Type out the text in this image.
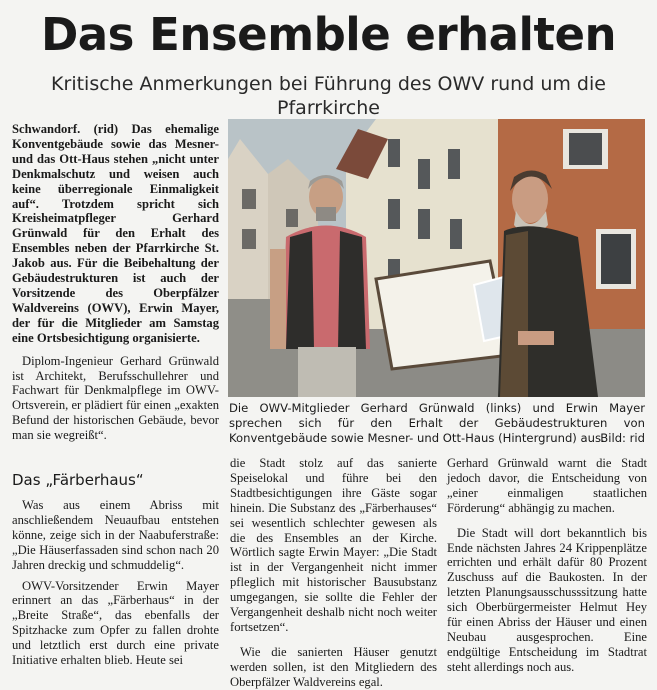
Das Ensemble erhalten
Kritische Anmerkungen bei Führung des OWV rund um die Pfarrkirche

Schwandorf. (rid) Das ehemalige Konventgebäude sowie das Mesner- und das Ott-Haus stehen „nicht unter Denkmalschutz und weisen auch keine überregionale Einmaligkeit auf“. Trotzdem spricht sich Kreisheimatpfleger Gerhard Grünwald für den Erhalt des Ensembles neben der Pfarrkirche St. Jakob aus. Für die Beibehaltung der Gebäudestrukturen ist auch der Vorsitzende des Oberpfälzer Waldvereins (OWV), Erwin Mayer, der für die Mitglieder am Samstag eine Ortsbesichtigung organisierte.

Diplom-Ingenieur Gerhard Grünwald ist Architekt, Berufsschullehrer und Fachwart für Denkmalpflege im OWV-Ortsverein, er plädiert für einen „exakten Befund der historischen Gebäude, bevor man sie wegreißt“.

Das „Färberhaus“

Was aus einem Abriss mit anschließendem Neuaufbau entstehen könne, zeige sich in der Naabuferstraße: „Die Häuserfassaden sind schon nach 20 Jahren dreckig und schmuddelig“.

OWV-Vorsitzender Erwin Mayer erinnert an das „Färberhaus“ in der „Breite Straße“, das ebenfalls der Spitzhacke zum Opfer zu fallen drohte und letztlich erst durch eine private Initiative erhalten blieb. Heute sei

Die OWV-Mitglieder Gerhard Grünwald (links) und Erwin Mayer sprechen sich für den Erhalt der Gebäudestrukturen von Konventgebäude sowie Mesner- und Ott-Haus (Hintergrund) aus.
Bild: rid

die Stadt stolz auf das sanierte Speiselokal und führe bei den Stadtbesichtigungen ihre Gäste sogar hinein. Die Substanz des „Färberhauses“ sei wesentlich schlechter gewesen als die des Ensembles an der Kirche. Wörtlich sagte Erwin Mayer: „Die Stadt ist in der Vergangenheit nicht immer pfleglich mit historischer Bausubstanz umgegangen, sie sollte die Fehler der Vergangenheit deshalb nicht noch weiter fortsetzen“.

Wie die sanierten Häuser genutzt werden sollen, ist den Mitgliedern des Oberpfälzer Waldvereins egal.

Gerhard Grünwald warnt die Stadt jedoch davor, die Entscheidung von „einer einmaligen staatlichen Förderung“ abhängig zu machen.

Die Stadt will dort bekanntlich bis Ende nächsten Jahres 24 Krippenplätze errichten und erhält dafür 80 Prozent Zuschuss auf die Baukosten. In der letzten Planungsausschusssitzung hatte sich Oberbürgermeister Helmut Hey für einen Abriss der Häuser und einen Neubau ausgesprochen. Eine endgültige Entscheidung im Stadtrat steht allerdings noch aus.
